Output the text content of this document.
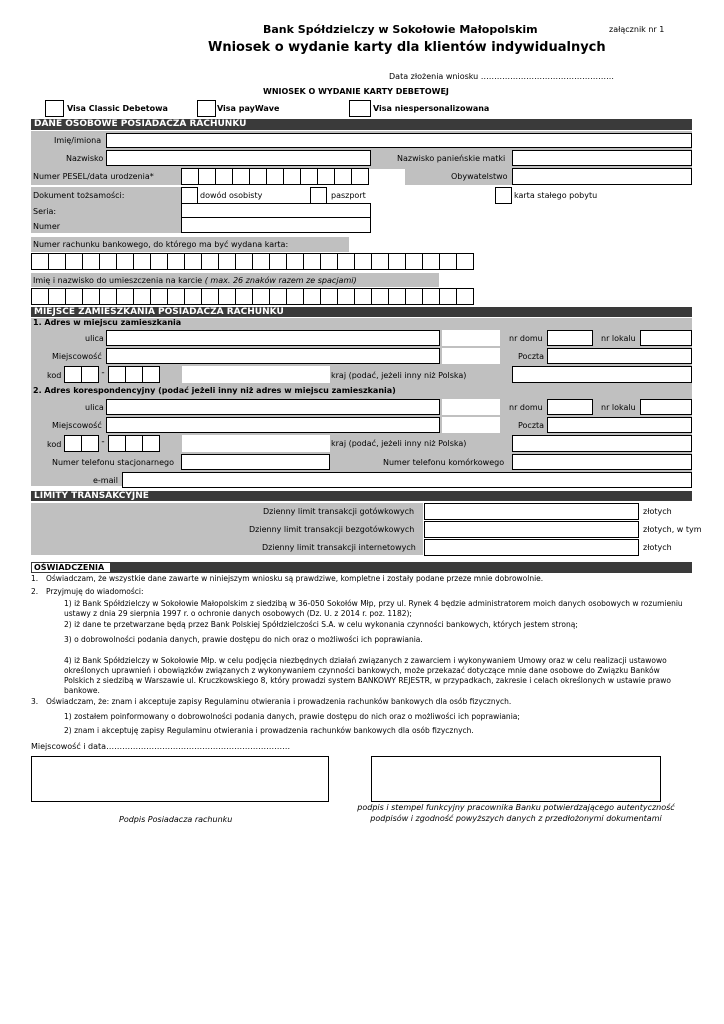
Bank Spółdzielczy w Sokołowie Małopolskim	załącznik nr 1
Wniosek o wydanie karty dla klientów indywidualnych
Data złożenia wniosku …………………………………………..
WNIOSEK O WYDANIE KARTY DEBETOWEJ
Visa Classic Debetowa	Visa payWave	Visa niespersonalizowana
DANE OSOBOWE POSIADACZA RACHUNKU
Imię/imiona
Nazwisko	Nazwisko panieńskie matki
Numer PESEL/data urodzenia*	Obywatelstwo
Dokument tożsamości:	dowód osobisty	paszport	karta stałego pobytu
Seria:
Numer
Numer rachunku bankowego, do którego ma być wydana karta:
Imię i nazwisko do umieszczenia na karcie ( max. 26 znaków razem ze spacjami)
MIEJSCE ZAMIESZKANIA POSIADACZA RACHUNKU
1. Adres w miejscu zamieszkania
ulica	nr domu	nr lokalu
Miejscowość	Poczta
kod	-	kraj (podać, jeżeli inny niż Polska)
2. Adres korespondencyjny (podać jeżeli inny niż adres w miejscu zamieszkania)
ulica	nr domu	nr lokalu
Miejscowość	Poczta
kod	-	kraj (podać, jeżeli inny niż Polska)
Numer telefonu stacjonarnego	Numer telefonu komórkowego
e-mail
LIMITY TRANSAKCYJNE
Dzienny limit transakcji gotówkowych	złotych
Dzienny limit transakcji bezgotówkowych	złotych, w tym
Dzienny limit transakcji internetowych	złotych
OŚWIADCZENIA
1. Oświadczam, że wszystkie dane zawarte w niniejszym wniosku są prawdziwe, kompletne i zostały podane przeze mnie dobrowolnie.
2. Przyjmuję do wiadomości:
1) iż Bank Spółdzielczy w Sokołowie Małopolskim z siedzibą w 36-050 Sokołów Młp, przy ul. Rynek 4 będzie administratorem moich danych osobowych w rozumieniu ustawy z dnia 29 sierpnia 1997 r. o ochronie danych osobowych (Dz. U. z 2014 r. poz. 1182);
2) iż dane te przetwarzane będą przez Bank Polskiej Spółdzielczości S.A. w celu wykonania czynności bankowych, których jestem stroną;
3) o dobrowolności podania danych, prawie dostępu do nich oraz o możliwości ich poprawiania.
4) iż Bank Spółdzielczy w Sokołowie Młp. w celu podjęcia niezbędnych działań związanych z zawarciem i wykonywaniem Umowy oraz w celu realizacji ustawowo określonych uprawnień i obowiązków związanych z wykonywaniem czynności bankowych, może przekazać dotyczące mnie dane osobowe do Związku Banków Polskich z siedzibą w Warszawie ul. Kruczkowskiego 8, który prowadzi system BANKOWY REJESTR, w przypadkach, zakresie i celach określonych w ustawie prawo bankowe.
3. Oświadczam, że: znam i akceptuje zapisy Regulaminu otwierania i prowadzenia rachunków bankowych dla osób fizycznych.
1) zostałem poinformowany o dobrowolności podania danych, prawie dostępu do nich oraz o możliwości ich poprawiania;
2) znam i akceptuję zapisy Regulaminu otwierania i prowadzenia rachunków bankowych dla osób fizycznych.
Miejscowość i data……………………………………………………………
Podpis Posiadacza rachunku
podpis i stempel funkcyjny pracownika Banku potwierdzającego autentyczność podpisów i zgodność powyższych danych z przedłożonymi dokumentami
